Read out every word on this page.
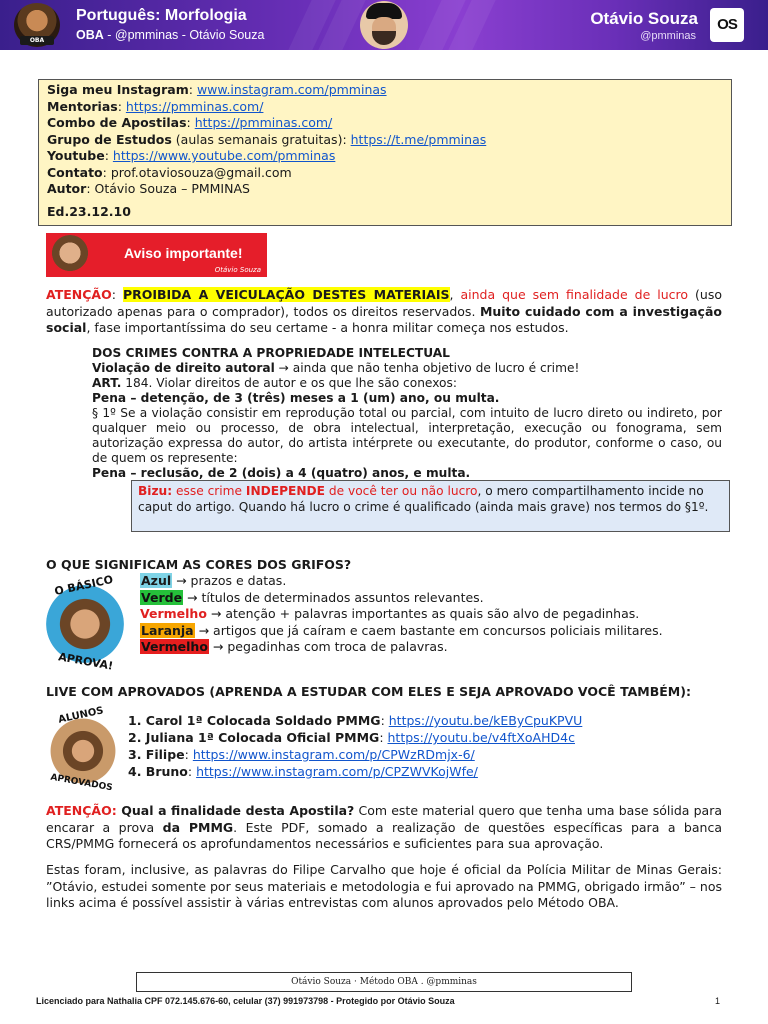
OBA
Português: Morfologia
OBA - @pmminas - Otávio Souza
Otávio Souza
@pmminas
OS
Siga meu Instagram: www.instagram.com/pmminas
Mentorias: https://pmminas.com/
Combo de Apostilas: https://pmminas.com/
Grupo de Estudos (aulas semanais gratuitas): https://t.me/pmminas
Youtube: https://www.youtube.com/pmminas
Contato: prof.otaviosouza@gmail.com
Autor: Otávio Souza – PMMINAS
Ed.23.12.10
Aviso importante!
Otávio Souza
ATENÇÃO: PROIBIDA A VEICULAÇÃO DESTES MATERIAIS, ainda que sem finalidade de lucro (uso autorizado apenas para o comprador), todos os direitos reservados. Muito cuidado com a investigação social, fase importantíssima do seu certame - a honra militar começa nos estudos.
DOS CRIMES CONTRA A PROPRIEDADE INTELECTUAL
Violação de direito autoral → ainda que não tenha objetivo de lucro é crime!
ART. 184. Violar direitos de autor e os que lhe são conexos:
Pena – detenção, de 3 (três) meses a 1 (um) ano, ou multa.
§ 1º Se a violação consistir em reprodução total ou parcial, com intuito de lucro direto ou indireto, por qualquer meio ou processo, de obra intelectual, interpretação, execução ou fonograma, sem autorização expressa do autor, do artista intérprete ou executante, do produtor, conforme o caso, ou de quem os represente:
Pena – reclusão, de 2 (dois) a 4 (quatro) anos, e multa.
Bizu: esse crime INDEPENDE de você ter ou não lucro, o mero compartilhamento incide no caput do artigo. Quando há lucro o crime é qualificado (ainda mais grave) nos termos do §1º.
O QUE SIGNIFICAM AS CORES DOS GRIFOS?
O BÁSICO
APROVA!
Azul → prazos e datas.
Verde → títulos de determinados assuntos relevantes.
Vermelho → atenção + palavras importantes as quais são alvo de pegadinhas.
Laranja → artigos que já caíram e caem bastante em concursos policiais militares.
Vermelho → pegadinhas com troca de palavras.
LIVE COM APROVADOS (APRENDA A ESTUDAR COM ELES E SEJA APROVADO VOCÊ TAMBÉM):
ALUNOS
APROVADOS
1. Carol 1ª Colocada Soldado PMMG: https://youtu.be/kEByCpuKPVU
2. Juliana 1ª Colocada Oficial PMMG: https://youtu.be/v4ftXoAHD4c
3. Filipe: https://www.instagram.com/p/CPWzRDmjx-6/
4. Bruno: https://www.instagram.com/p/CPZWVKojWfe/
ATENÇÃO: Qual a finalidade desta Apostila? Com este material quero que tenha uma base sólida para encarar a prova da PMMG. Este PDF, somado a realização de questões específicas para a banca CRS/PMMG fornecerá os aprofundamentos necessários e suficientes para sua aprovação.
Estas foram, inclusive, as palavras do Filipe Carvalho que hoje é oficial da Polícia Militar de Minas Gerais: ”Otávio, estudei somente por seus materiais e metodologia e fui aprovado na PMMG, obrigado irmão” – nos links acima é possível assistir à várias entrevistas com alunos aprovados pelo Método OBA.
Otávio Souza · Método OBA . @pmminas
Licenciado para Nathalia CPF 072.145.676-60, celular (37) 991973798 - Protegido por Otávio Souza	1
